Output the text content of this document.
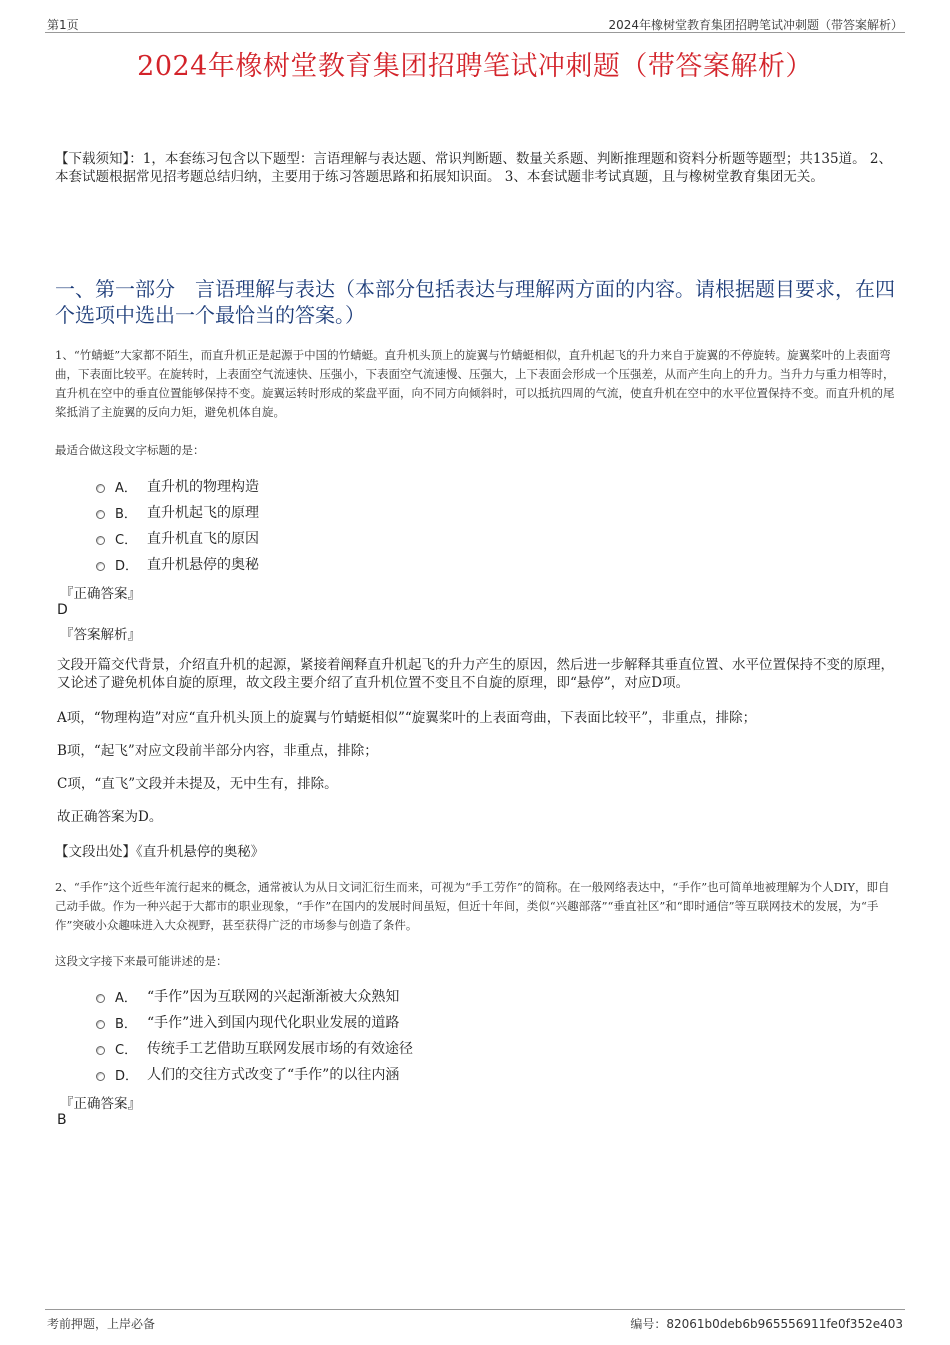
第1页	2024年橡树堂教育集团招聘笔试冲刺题（带答案解析）
2024年橡树堂教育集团招聘笔试冲刺题（带答案解析）
【下载须知】：1，本套练习包含以下题型：言语理解与表达题、常识判断题、数量关系题、判断推理题和资料分析题等题型；共135道。 2、本套试题根据常见招考题总结归纳，主要用于练习答题思路和拓展知识面。 3、本套试题非考试真题，且与橡树堂教育集团无关。
一、第一部分　言语理解与表达（本部分包括表达与理解两方面的内容。请根据题目要求，在四个选项中选出一个最恰当的答案。）
1、“竹蜻蜓”大家都不陌生，而直升机正是起源于中国的竹蜻蜓。直升机头顶上的旋翼与竹蜻蜓相似，直升机起飞的升力来自于旋翼的不停旋转。旋翼桨叶的上表面弯曲，下表面比较平。在旋转时，上表面空气流速快、压强小，下表面空气流速慢、压强大，上下表面会形成一个压强差，从而产生向上的升力。当升力与重力相等时，直升机在空中的垂直位置能够保持不变。旋翼运转时形成的桨盘平面，向不同方向倾斜时，可以抵抗四周的气流，使直升机在空中的水平位置保持不变。而直升机的尾桨抵消了主旋翼的反向力矩，避免机体自旋。
最适合做这段文字标题的是：
A． 直升机的物理构造
B． 直升机起飞的原理
C． 直升机直飞的原因
D． 直升机悬停的奥秘
『正确答案』
D
『答案解析』
文段开篇交代背景，介绍直升机的起源，紧接着阐释直升机起飞的升力产生的原因，然后进一步解释其垂直位置、水平位置保持不变的原理，又论述了避免机体自旋的原理，故文段主要介绍了直升机位置不变且不自旋的原理，即“悬停”，对应D项。
A项，“物理构造”对应“直升机头顶上的旋翼与竹蜻蜓相似”“旋翼桨叶的上表面弯曲，下表面比较平”，非重点，排除；
B项，“起飞”对应文段前半部分内容，非重点，排除；
C项，“直飞”文段并未提及，无中生有，排除。
故正确答案为D。
【文段出处】《直升机悬停的奥秘》
2、“手作”这个近些年流行起来的概念，通常被认为从日文词汇衍生而来，可视为“手工劳作”的简称。在一般网络表达中，“手作”也可简单地被理解为个人DIY，即自己动手做。作为一种兴起于大都市的职业现象，“手作”在国内的发展时间虽短，但近十年间，类似“兴趣部落”“垂直社区”和“即时通信”等互联网技术的发展，为“手作”突破小众趣味进入大众视野，甚至获得广泛的市场参与创造了条件。
这段文字接下来最可能讲述的是：
A． “手作”因为互联网的兴起渐渐被大众熟知
B． “手作”进入到国内现代化职业发展的道路
C． 传统手工艺借助互联网发展市场的有效途径
D． 人们的交往方式改变了“手作”的以往内涵
『正确答案』
B
考前押题，上岸必备	编号：82061b0deb6b965556911fe0f352e403
